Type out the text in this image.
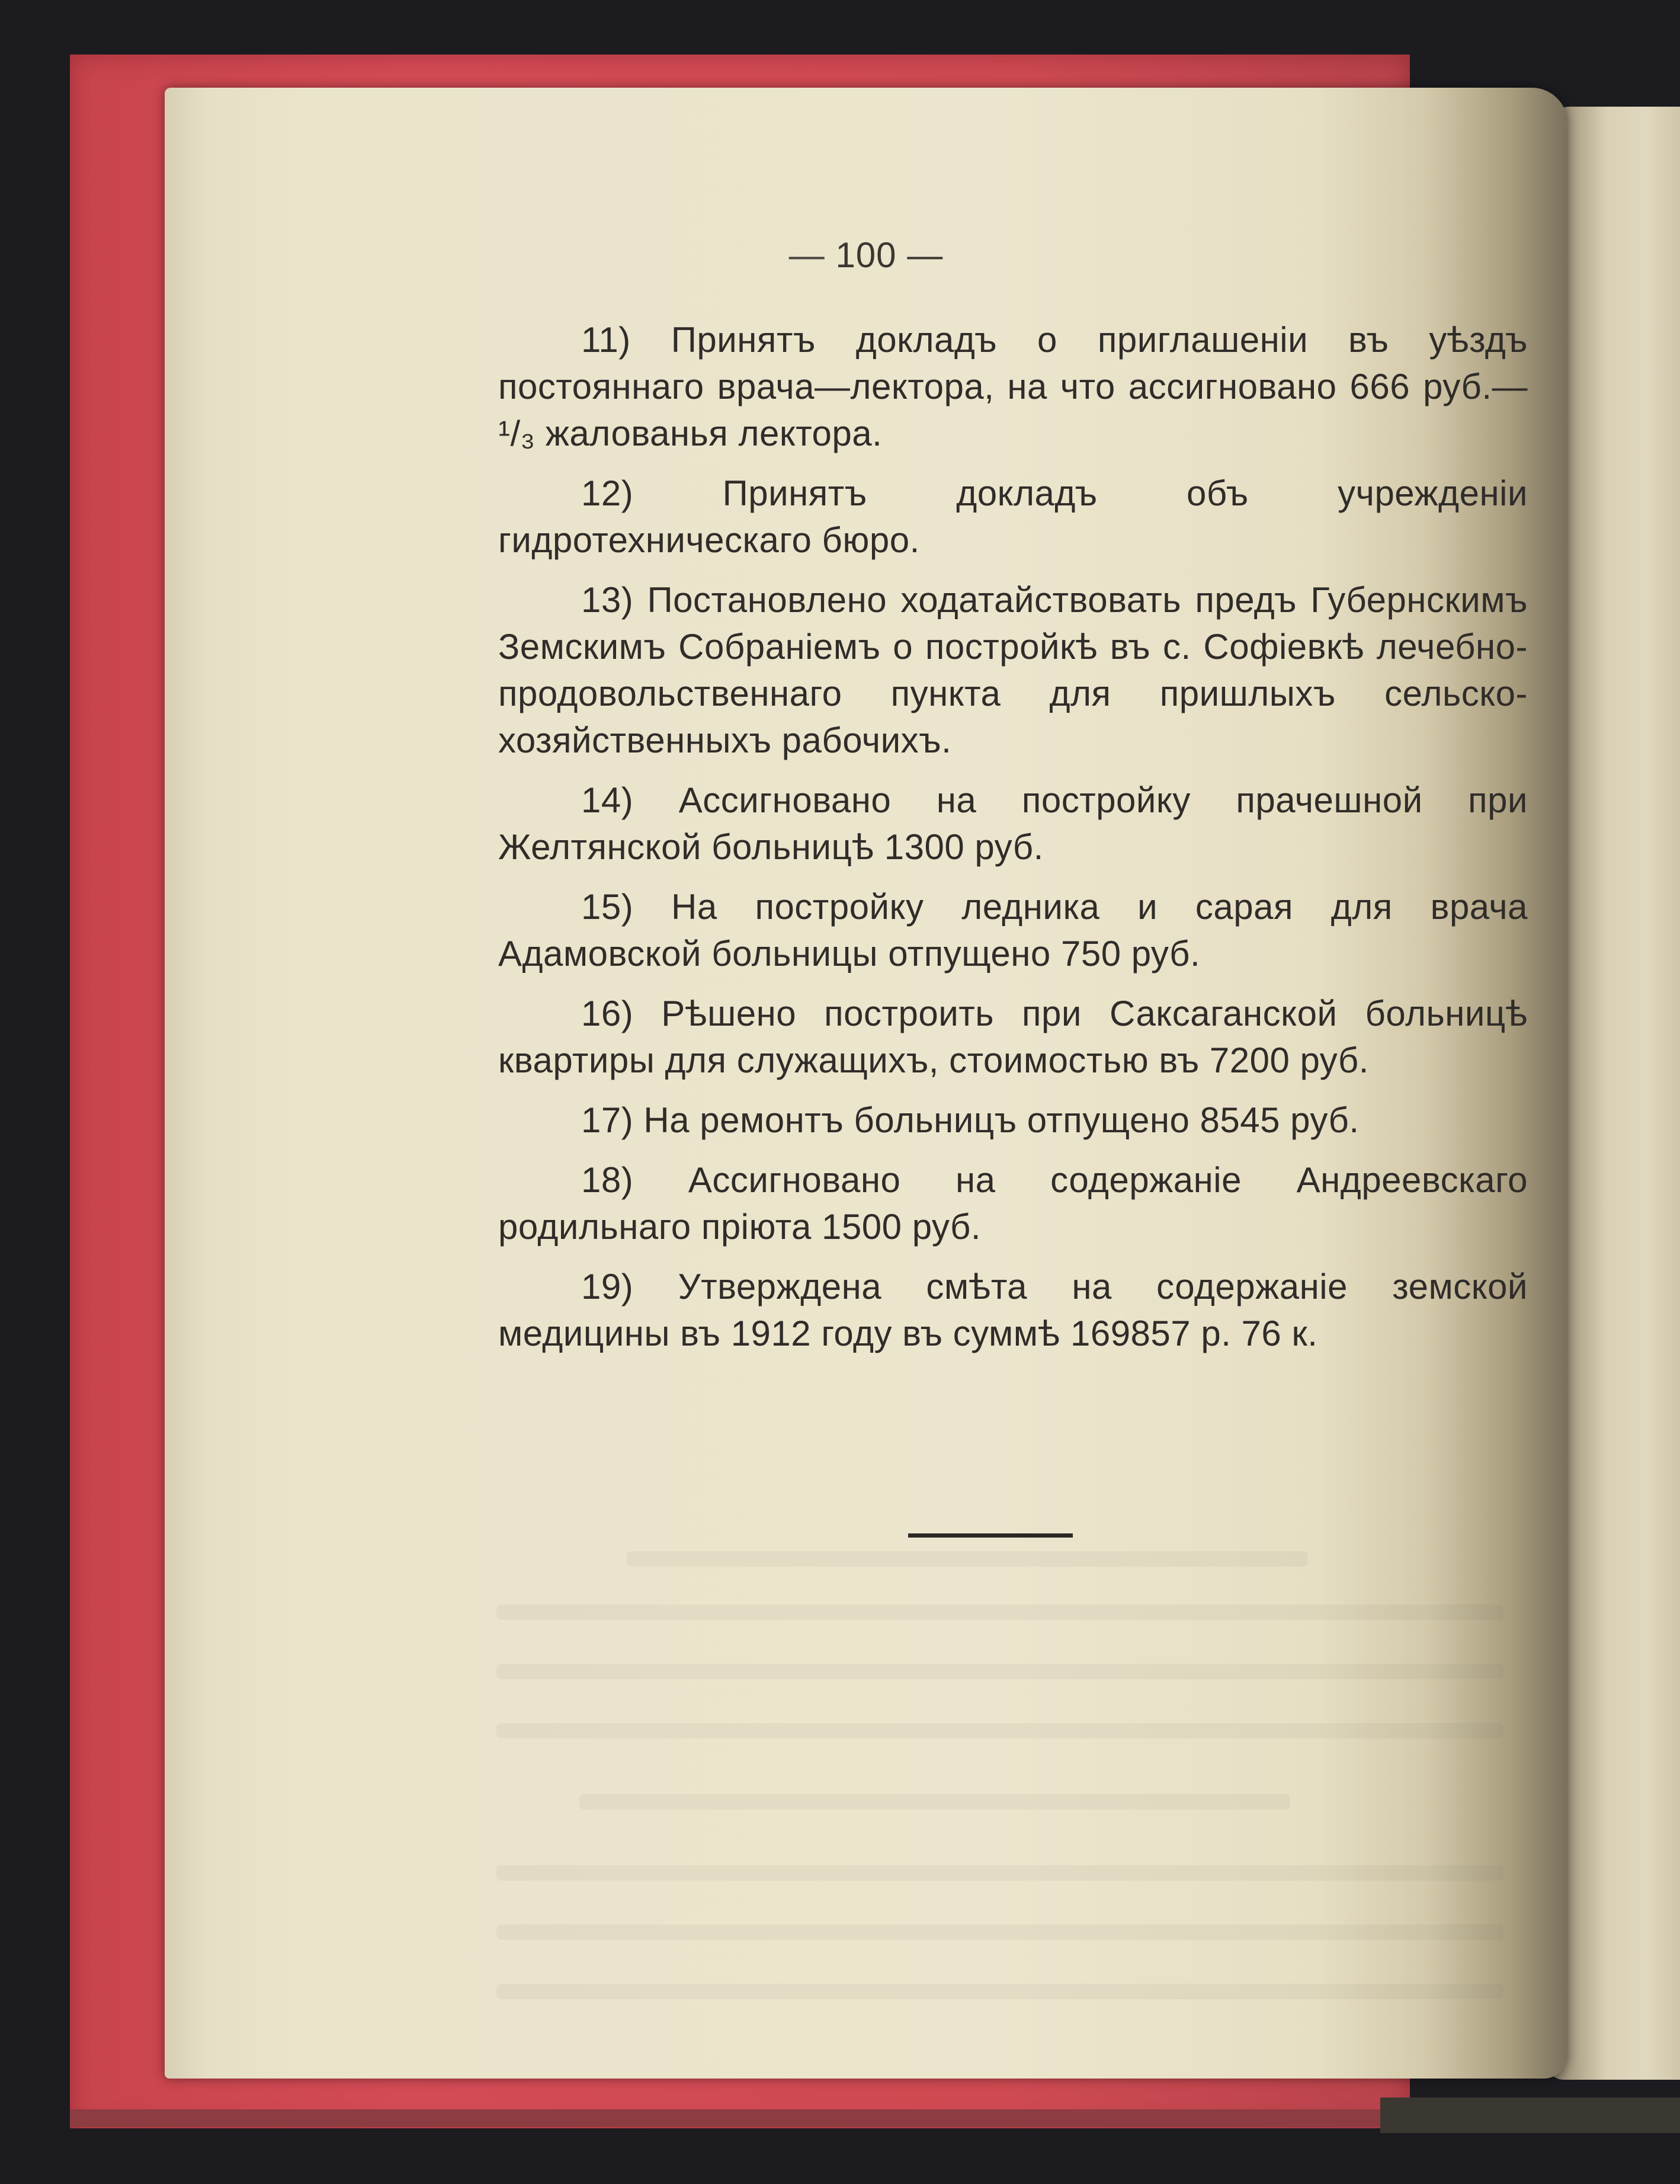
— 100 —

11) Принятъ докладъ о приглашеніи въ уѣздъ постояннаго врача—лектора, на что ассигновано 666 руб.—¹/₃ жалованья лектора.

12)	Принятъ докладъ объ учрежденіи гидротехническаго бюро.

13) Постановлено ходатайствовать предъ Губернскимъ Земскимъ Собраніемъ о постройкѣ въ с. Софіевкѣ лечебно-продовольственнаго пункта для пришлыхъ сельско-хозяйственныхъ рабочихъ.

14) Ассигновано на постройку прачешной при Желтянской больницѣ 1300 руб.

15) На постройку ледника и сарая для врача Адамовской больницы отпущено 750 руб.

16) Рѣшено построить при Саксаганской больницѣ квартиры для служащихъ, стоимостью въ 7200 руб.

17) На ремонтъ больницъ отпущено 8545 руб.

18) Ассигновано на содержаніе Андреевскаго родильнаго пріюта 1500 руб.

19) Утверждена смѣта на содержаніе земской медицины въ 1912 году въ суммѣ 169857 р. 76 к.
